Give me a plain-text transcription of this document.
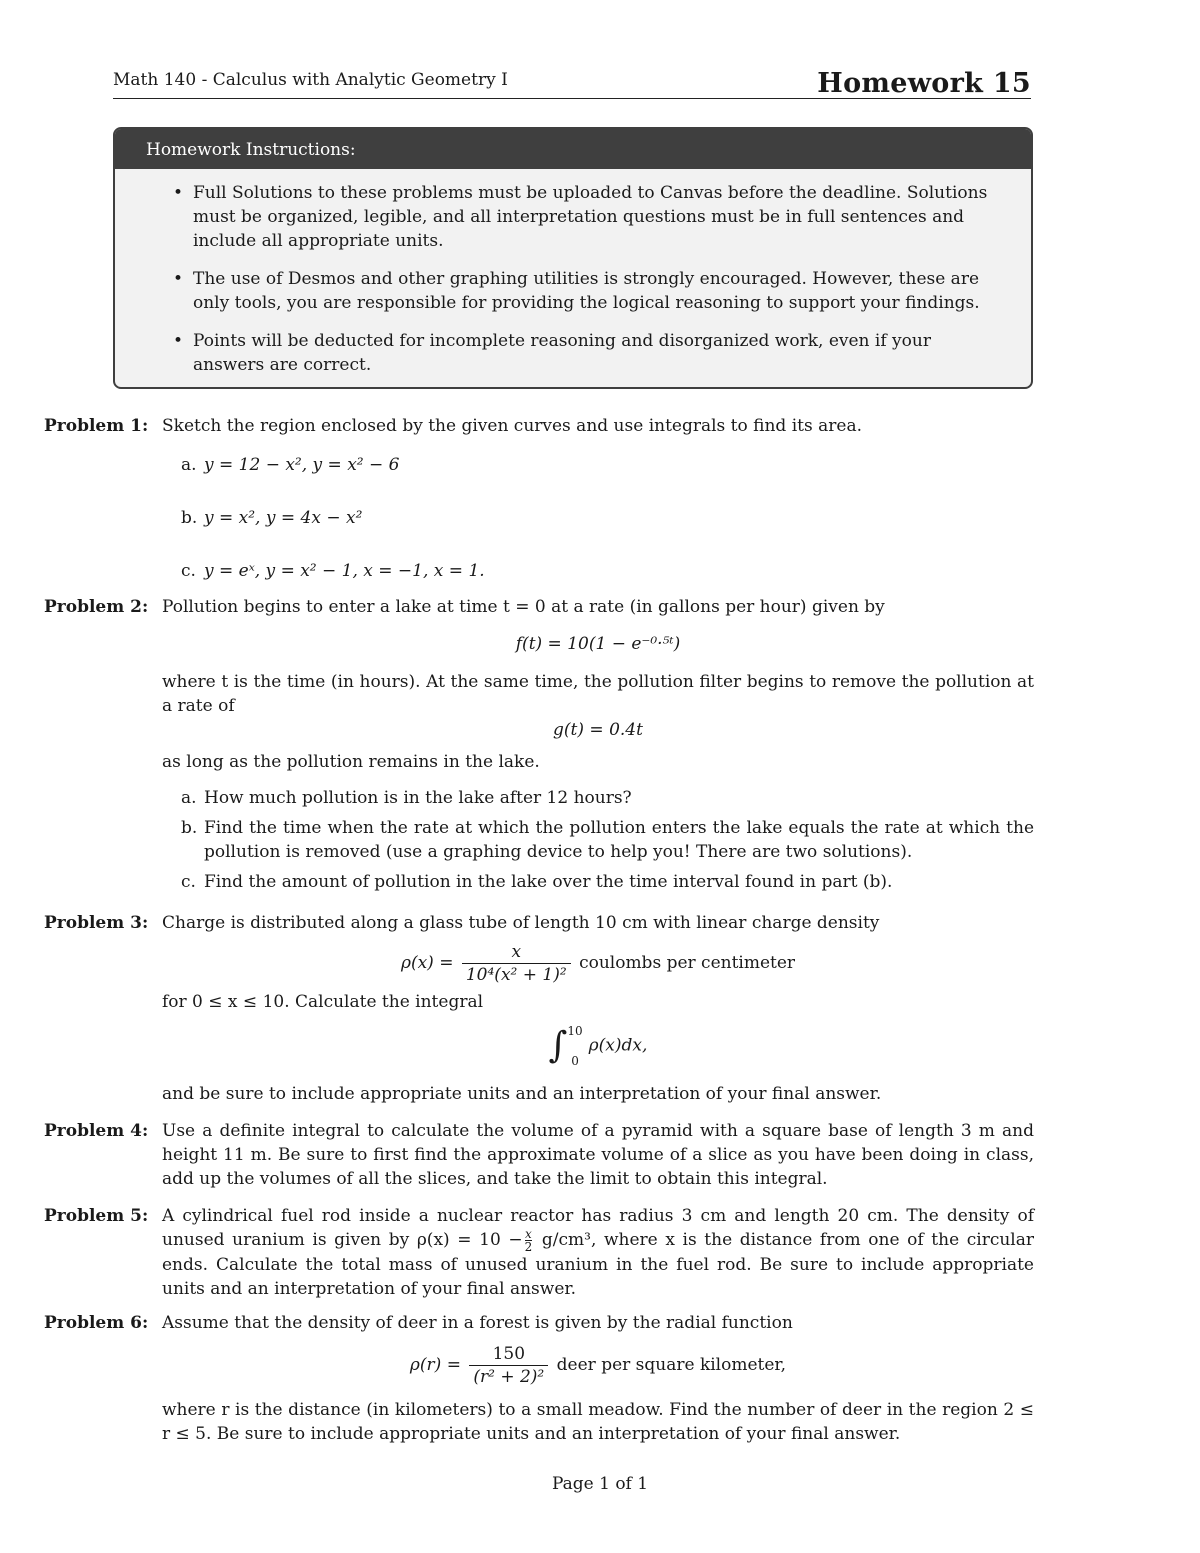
Math 140 - Calculus with Analytic Geometry I	Homework 15
Homework Instructions:
• Full Solutions to these problems must be uploaded to Canvas before the deadline. Solutions must be organized, legible, and all interpretation questions must be in full sentences and include all appropriate units.
• The use of Desmos and other graphing utilities is strongly encouraged. However, these are only tools, you are responsible for providing the logical reasoning to support your findings.
• Points will be deducted for incomplete reasoning and disorganized work, even if your answers are correct.
Problem 1: Sketch the region enclosed by the given curves and use integrals to find its area.

a. y = 12 − x², y = x² − 6
b. y = x², y = 4x − x²
c. y = eˣ, y = x² − 1, x = −1, x = 1.
Problem 2: Pollution begins to enter a lake at time t = 0 at a rate (in gallons per hour) given by

f(t) = 10(1 − e⁻⁰·⁵ᵗ)

where t is the time (in hours). At the same time, the pollution filter begins to remove the pollution at a rate of

g(t) = 0.4t

as long as the pollution remains in the lake.

a. How much pollution is in the lake after 12 hours?
b. Find the time when the rate at which the pollution enters the lake equals the rate at which the pollution is removed (use a graphing device to help you! There are two solutions).
c. Find the amount of pollution in the lake over the time interval found in part (b).
Problem 3: Charge is distributed along a glass tube of length 10 cm with linear charge density

$\rho(x) = \frac{x}{\text{10⁴(x² + 1)²}}$ coulombs per centimeter

for 0 ≤ x ≤ 10. Calculate the integral

∫ 10
0
ρ(x)dx,

and be sure to include appropriate units and an interpretation of your final answer.

Problem 4: Use a definite integral to calculate the volume of a pyramid with a square base of length 3 m and height 11 m. Be sure to first find the approximate volume of a slice as you have been doing in class, add up the volumes of all the slices, and take the limit to obtain this integral.

Problem 5: A cylindrical fuel rod inside a nuclear reactor has radius 3 cm and length 20 cm. The density of unused uranium is given by $\rho(x) = 10 - \frac{x}{2} g/cm^3$, where x is the distance from one of the circular ends. Calculate the total mass of unused uranium in the fuel rod. Be sure to include appropriate units and an interpretation of your final answer.

Problem 6: Assume that the density of deer in a forest is given by the radial function

$\rho(r) = \frac{150}{\text{(r² + 2)²}}$ deer per square kilometer,

where r is the distance (in kilometers) to a small meadow. Find the number of deer in the region 2 ≤ r ≤ 5. Be sure to include appropriate units and an interpretation of your final answer.

Page 1 of 1
